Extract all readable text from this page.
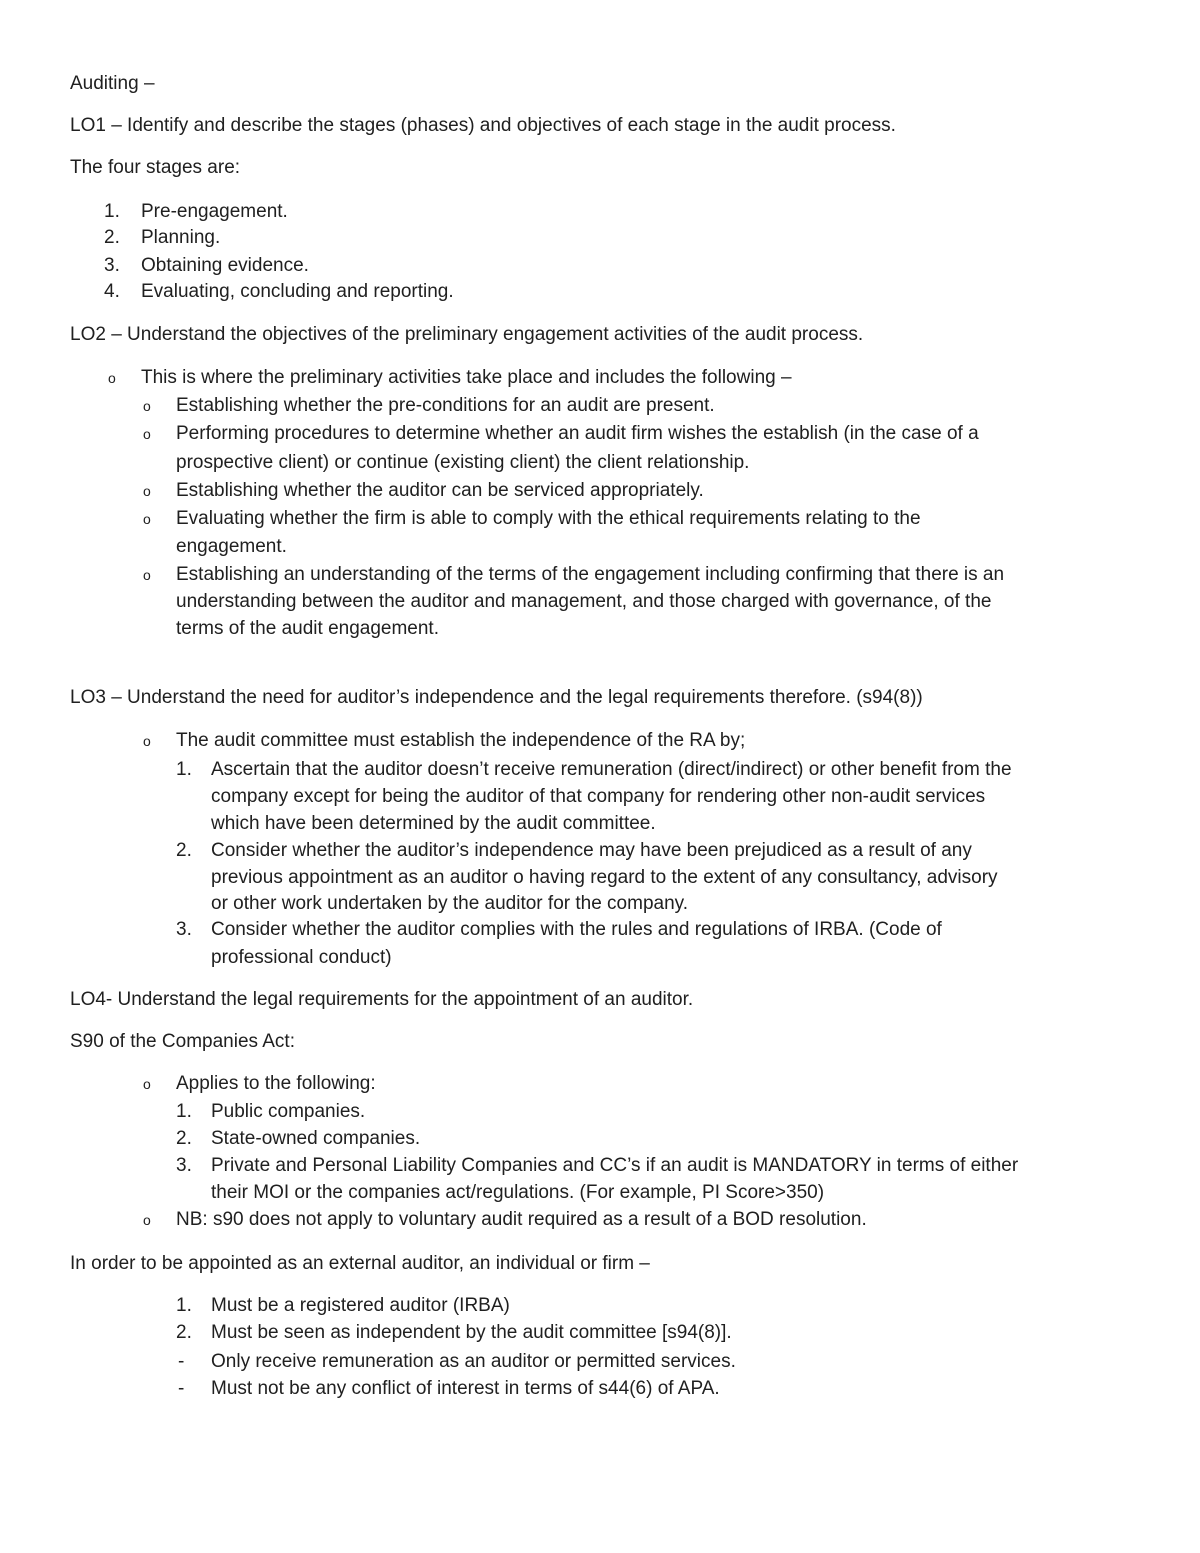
Auditing –

LO1 – Identify and describe the stages (phases) and objectives of each stage in the audit process.

The four stages are:

1. Pre-engagement.
2. Planning.
3. Obtaining evidence.
4. Evaluating, concluding and reporting.

LO2 – Understand the objectives of the preliminary engagement activities of the audit process.

o This is where the preliminary activities take place and includes the following –
o Establishing whether the pre-conditions for an audit are present.
o Performing procedures to determine whether an audit firm wishes the establish (in the case of a
prospective client) or continue (existing client) the client relationship.
o Establishing whether the auditor can be serviced appropriately.
o Evaluating whether the firm is able to comply with the ethical requirements relating to the
engagement.
o Establishing an understanding of the terms of the engagement including confirming that there is an
understanding between the auditor and management, and those charged with governance, of the
terms of the audit engagement.

LO3 – Understand the need for auditor’s independence and the legal requirements therefore. (s94(8))

o The audit committee must establish the independence of the RA by;
1. Ascertain that the auditor doesn’t receive remuneration (direct/indirect) or other benefit from the
company except for being the auditor of that company for rendering other non-audit services
which have been determined by the audit committee.
2. Consider whether the auditor’s independence may have been prejudiced as a result of any
previous appointment as an auditor o having regard to the extent of any consultancy, advisory
or other work undertaken by the auditor for the company.
3. Consider whether the auditor complies with the rules and regulations of IRBA. (Code of
professional conduct)

LO4- Understand the legal requirements for the appointment of an auditor.

S90 of the Companies Act:

o Applies to the following:
1. Public companies.
2. State-owned companies.
3. Private and Personal Liability Companies and CC’s if an audit is MANDATORY in terms of either
their MOI or the companies act/regulations. (For example, PI Score>350)
o NB: s90 does not apply to voluntary audit required as a result of a BOD resolution.

In order to be appointed as an external auditor, an individual or firm –

1. Must be a registered auditor (IRBA)
2. Must be seen as independent by the audit committee [s94(8)].
- Only receive remuneration as an auditor or permitted services.
- Must not be any conflict of interest in terms of s44(6) of APA.
